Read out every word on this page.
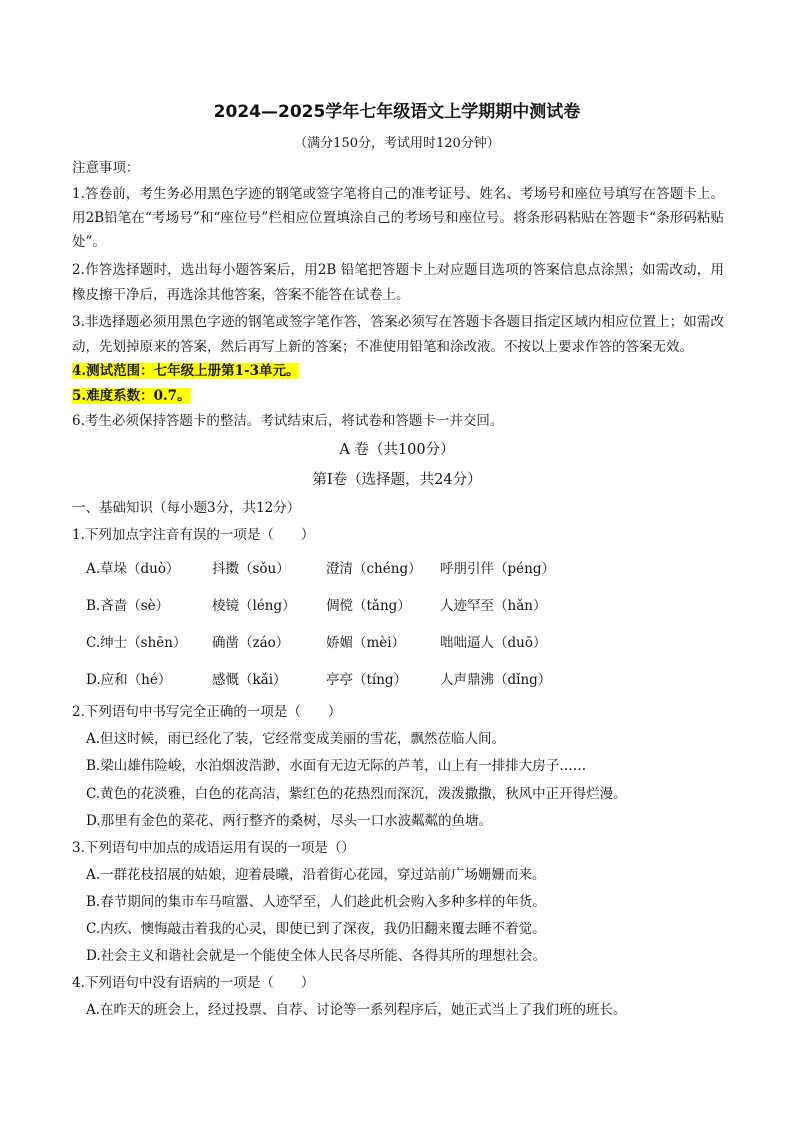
2024—2025学年七年级语文上学期期中测试卷
（满分150分，考试用时120分钟）
注意事项：
1.答卷前，考生务必用黑色字迹的钢笔或签字笔将自己的准考证号、姓名、考场号和座位号填写在答题卡上。用2B铅笔在“考场号”和“座位号”栏相应位置填涂自己的考场号和座位号。将条形码粘贴在答题卡“条形码粘贴处”。
2.作答选择题时，选出每小题答案后，用2B 铅笔把答题卡上对应题目选项的答案信息点涂黑；如需改动，用橡皮擦干净后，再选涂其他答案，答案不能答在试卷上。
3.非选择题必须用黑色字迹的钢笔或签字笔作答，答案必须写在答题卡各题目指定区域内相应位置上；如需改动，先划掉原来的答案，然后再写上新的答案；不准使用铅笔和涂改液。不按以上要求作答的答案无效。
4.测试范围：七年级上册第1-3单元。
5.难度系数：0.7。
6.考生必须保持答题卡的整洁。考试结束后，将试卷和答题卡一并交回。
A 卷（共100分）
第Ⅰ卷（选择题，共24分）
一、基础知识（每小题3分，共12分）
1.下列加点字注音有误的一项是（　　）
A.草垛（duò） 抖擞（sǒu）	澄清（chéng） 呼朋引伴（péng）
B.吝啬（sè）	棱镜（léng） 倜傥（tǎng） 人迹罕至（hǎn）
C.绅士（shēn） 确凿（záo）	娇媚（mèi）	咄咄逼人（duō）
D.应和（hé）	感慨（kǎi）	亭亭（tíng） 人声鼎沸（dǐng）
2.下列语句中书写完全正确的一项是（　　）
A.但这时候，雨已经化了装，它经常变成美丽的雪花，飘然莅临人间。
B.梁山雄伟险峻，水泊烟波浩渺，水面有无边无际的芦苇，山上有一排排大房子……
C.黄色的花淡雅，白色的花高洁，紫红色的花热烈而深沉，泼泼撒撒，秋风中正开得烂漫。
D.那里有金色的菜花、两行整齐的桑树，尽头一口水波粼粼的鱼塘。
3.下列语句中加点的成语运用有误的一项是（）
A.一群花枝招展的姑娘，迎着晨曦，沿着街心花园，穿过站前广场姗姗而来。
B.春节期间的集市车马喧嚣、人迹罕至，人们趁此机会购入多种多样的年货。
C.内疚、懊悔敲击着我的心灵，即使已到了深夜，我仍旧翻来覆去睡不着觉。
D.社会主义和谐社会就是一个能使全体人民各尽所能、各得其所的理想社会。
4.下列语句中没有语病的一项是（　　）
A.在昨天的班会上，经过投票、自荐、讨论等一系列程序后，她正式当上了我们班的班长。
